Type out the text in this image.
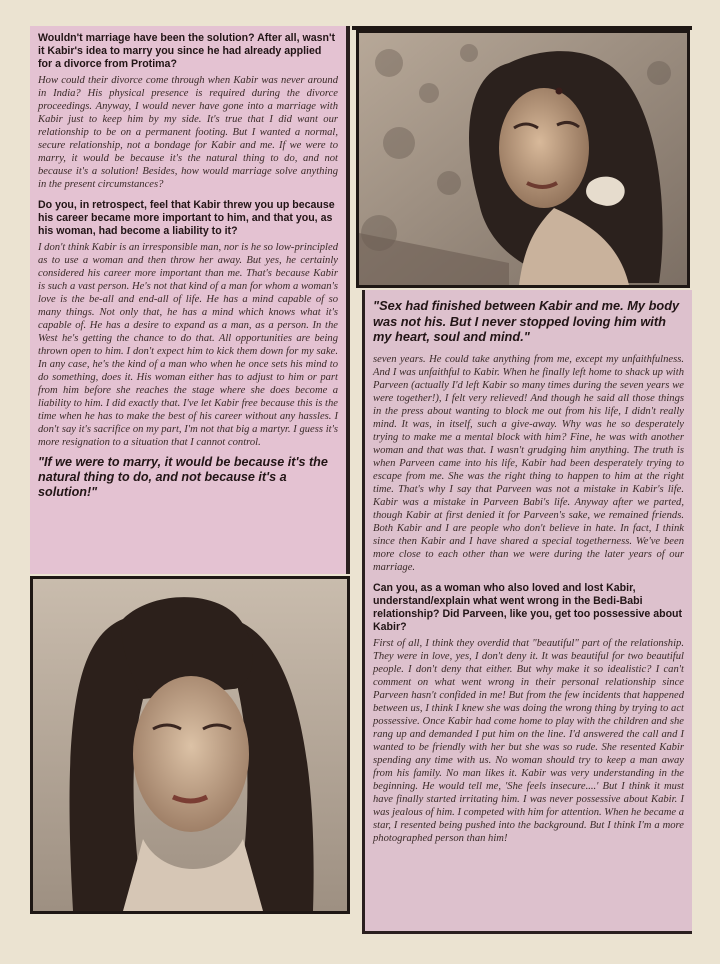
Wouldn't marriage have been the solution? After all, wasn't it Kabir's idea to marry you since he had already applied for a divorce from Protima?

How could their divorce come through when Kabir was never around in India? His physical presence is required during the divorce proceedings. Anyway, I would never have gone into a marriage with Kabir just to keep him by my side. It's true that I did want our relationship to be on a permanent footing. But I wanted a normal, secure relationship, not a bondage for Kabir and me. If we were to marry, it would be because it's the natural thing to do, and not because it's a solution! Besides, how would marriage solve anything in the present circumstances?

Do you, in retrospect, feel that Kabir threw you up because his career became more important to him, and that you, as his woman, had become a liability to it?

I don't think Kabir is an irresponsible man, nor is he so low-principled as to use a woman and then throw her away. But yes, he certainly considered his career more important than me. That's because Kabir is such a vast person. He's not that kind of a man for whom a woman's love is the be-all and end-all of life. He has a mind capable of so many things. Not only that, he has a mind which knows what it's capable of. He has a desire to expand as a man, as a person. In the West he's getting the chance to do that. All opportunities are being thrown open to him. I don't expect him to kick them down for my sake. In any case, he's the kind of a man who when he once sets his mind to do something, does it. His woman either has to adjust to him or part from him before she reaches the stage where she does become a liability to him. I did exactly that. I've let Kabir free because this is the time when he has to make the best of his career without any hassles. I don't say it's sacrifice on my part, I'm not that big a martyr. I guess it's more resignation to a situation that I cannot control.

"If we were to marry, it would be because it's the natural thing to do, and not because it's a solution!"

"Sex had finished between Kabir and me. My body was not his. But I never stopped loving him with my heart, soul and mind."

seven years. He could take anything from me, except my unfaithfulness. And I was unfaithful to Kabir. When he finally left home to shack up with Parveen (actually I'd left Kabir so many times during the seven years we were together!), I felt very relieved! And though he said all those things in the press about wanting to block me out from his life, I didn't really mind. It was, in itself, such a give-away. Why was he so desperately trying to make me a mental block with him? Fine, he was with another woman and that was that. I wasn't grudging him anything. The truth is when Parveen came into his life, Kabir had been desperately trying to escape from me. She was the right thing to happen to him at the right time. That's why I say that Parveen was not a mistake in Kabir's life. Kabir was a mistake in Parveen Babi's life. Anyway after we parted, though Kabir at first denied it for Parveen's sake, we remained friends. Both Kabir and I are people who don't believe in hate. In fact, I think since then Kabir and I have shared a special togetherness. We've been more close to each other than we were during the later years of our marriage.

Can you, as a woman who also loved and lost Kabir, understand/explain what went wrong in the Bedi-Babi relationship? Did Parveen, like you, get too possessive about Kabir?

First of all, I think they overdid that "beautiful" part of the relationship. They were in love, yes, I don't deny it. It was beautiful for two beautiful people. I don't deny that either. But why make it so idealistic? I can't comment on what went wrong in their personal relationship since Parveen hasn't confided in me! But from the few incidents that happened between us, I think I knew she was doing the wrong thing by trying to act possessive. Once Kabir had come home to play with the children and she rang up and demanded I put him on the line. I'd answered the call and I wanted to be friendly with her but she was so rude. She resented Kabir spending any time with us. No woman should try to keep a man away from his family. No man likes it. Kabir was very understanding in the beginning. He would tell me, 'She feels insecure....' But I think it must have finally started irritating him. I was never possessive about Kabir. I was jealous of him. I competed with him for attention. When he became a star, I resented being pushed into the background. But I think I'm a more photographed person than him!
